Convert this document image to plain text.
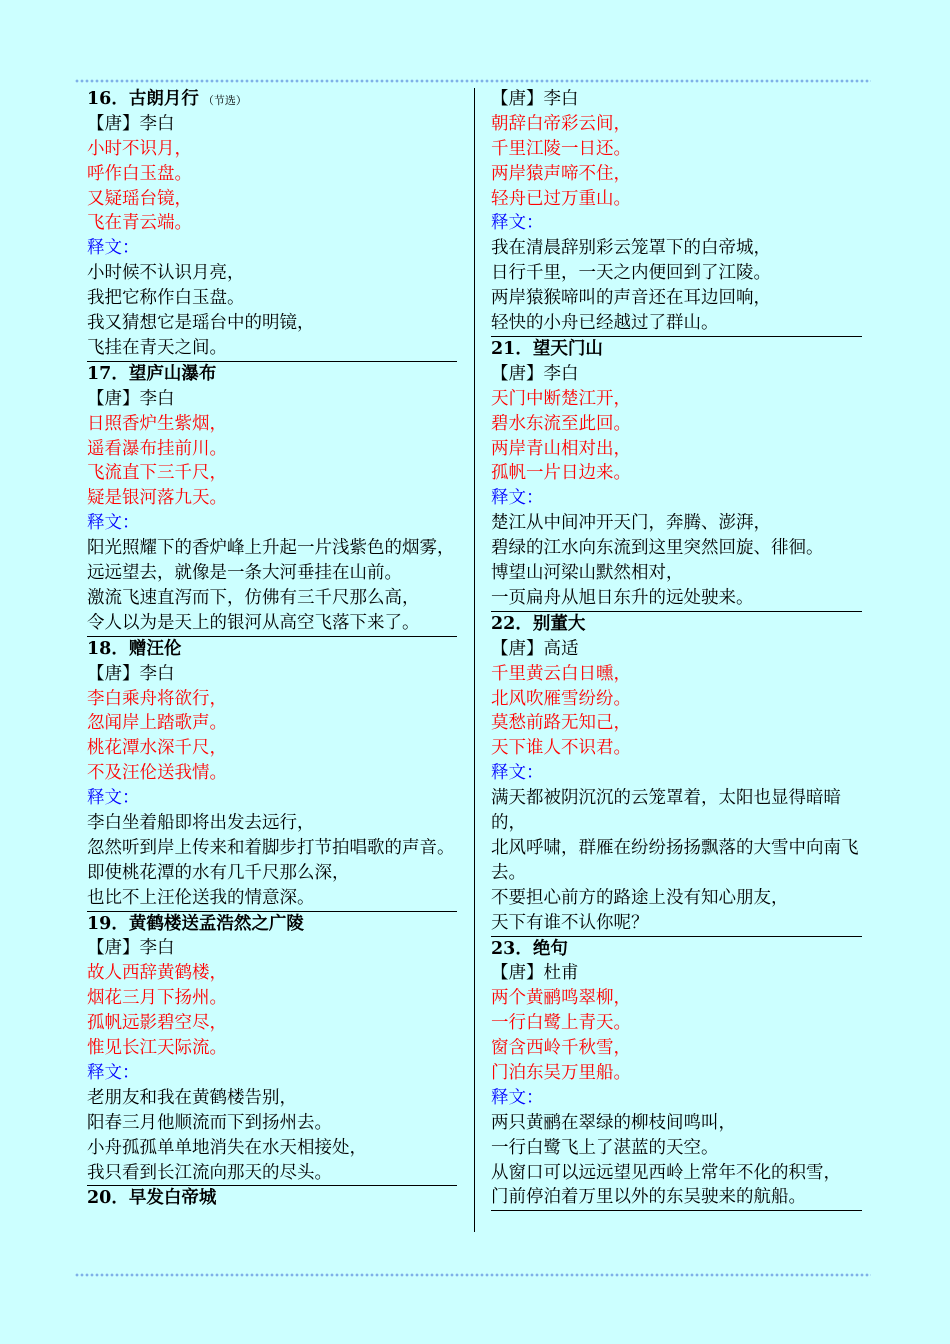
16．古朗月行 （节选）
【唐】李白
小时不识月，
呼作白玉盘。
又疑瑶台镜，
飞在青云端。
释文：
小时候不认识月亮，
我把它称作白玉盘。
我又猜想它是瑶台中的明镜，
飞挂在青天之间。
17．望庐山瀑布
【唐】李白
日照香炉生紫烟，
遥看瀑布挂前川。
飞流直下三千尺，
疑是银河落九天。
释文：
阳光照耀下的香炉峰上升起一片浅紫色的烟雾，
远远望去，就像是一条大河垂挂在山前。
激流飞速直泻而下，仿佛有三千尺那么高，
令人以为是天上的银河从高空飞落下来了。
18．赠汪伦
【唐】李白
李白乘舟将欲行，
忽闻岸上踏歌声。
桃花潭水深千尺，
不及汪伦送我情。
释文：
李白坐着船即将出发去远行，
忽然听到岸上传来和着脚步打节拍唱歌的声音。
即使桃花潭的水有几千尺那么深，
也比不上汪伦送我的情意深。
19．黄鹤楼送孟浩然之广陵
【唐】李白
故人西辞黄鹤楼，
烟花三月下扬州。
孤帆远影碧空尽，
惟见长江天际流。
释文：
老朋友和我在黄鹤楼告别，
阳春三月他顺流而下到扬州去。
小舟孤孤单单地消失在水天相接处，
我只看到长江流向那天的尽头。
20．早发白帝城
【唐】李白
朝辞白帝彩云间，
千里江陵一日还。
两岸猿声啼不住，
轻舟已过万重山。
释文：
我在清晨辞别彩云笼罩下的白帝城，
日行千里，一天之内便回到了江陵。
两岸猿猴啼叫的声音还在耳边回响，
轻快的小舟已经越过了群山。
21．望天门山
【唐】李白
天门中断楚江开，
碧水东流至此回。
两岸青山相对出，
孤帆一片日边来。
释文：
楚江从中间冲开天门，奔腾、澎湃，
碧绿的江水向东流到这里突然回旋、徘徊。
博望山河梁山默然相对，
一页扁舟从旭日东升的远处驶来。
22．别董大
【唐】高适
千里黄云白日曛，
北风吹雁雪纷纷。
莫愁前路无知己，
天下谁人不识君。
释文：
满天都被阴沉沉的云笼罩着，太阳也显得暗暗的，
北风呼啸，群雁在纷纷扬扬飘落的大雪中向南飞去。
不要担心前方的路途上没有知心朋友，
天下有谁不认你呢？
23．绝句
【唐】杜甫
两个黄鹂鸣翠柳，
一行白鹭上青天。
窗含西岭千秋雪，
门泊东吴万里船。
释文：
两只黄鹂在翠绿的柳枝间鸣叫，
一行白鹭飞上了湛蓝的天空。
从窗口可以远远望见西岭上常年不化的积雪，
门前停泊着万里以外的东吴驶来的航船。
